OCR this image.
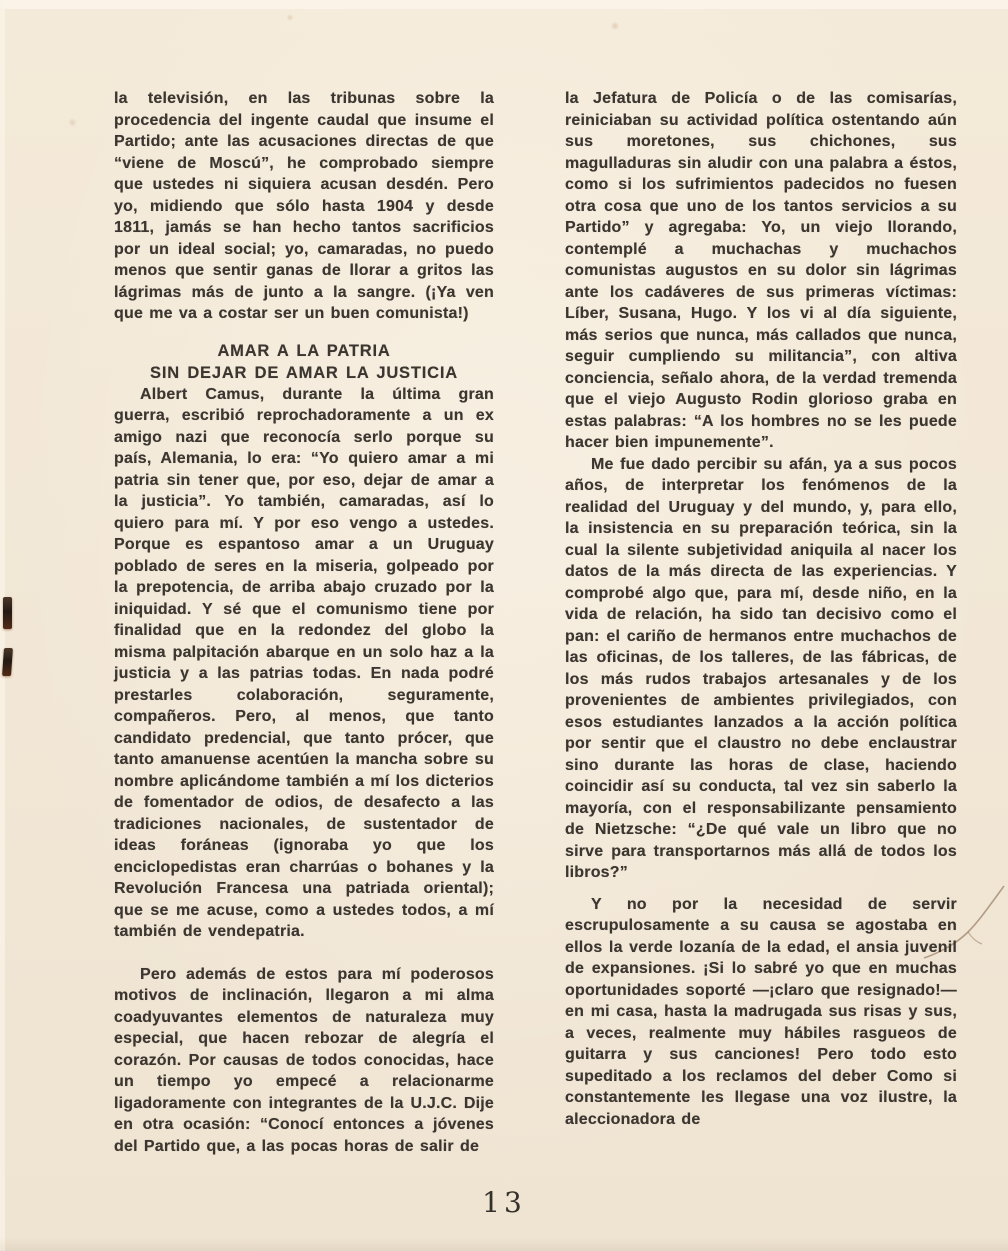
la televisión, en las tribunas sobre la procedencia del ingente caudal que insume el Partido; ante las acusaciones directas de que “viene de Moscú”, he comprobado siempre que ustedes ni siquiera acusan desdén. Pero yo, midiendo que sólo hasta 1904 y desde 1811, jamás se han hecho tantos sacrificios por un ideal social; yo, camaradas, no puedo menos que sentir ganas de llorar a gritos las lágrimas más de junto a la sangre. (¡Ya ven que me va a costar ser un buen comunista!)

AMAR A LA PATRIA
SIN DEJAR DE AMAR LA JUSTICIA

Albert Camus, durante la última gran guerra, escribió reprochadoramente a un ex amigo nazi que reconocía serlo porque su país, Alemania, lo era: “Yo quiero amar a mi patria sin tener que, por eso, dejar de amar a la justicia”. Yo también, camaradas, así lo quiero para mí. Y por eso vengo a ustedes. Porque es espantoso amar a un Uruguay poblado de seres en la miseria, golpeado por la prepotencia, de arriba abajo cruzado por la iniquidad. Y sé que el comunismo tiene por finalidad que en la redondez del globo la misma palpitación abarque en un solo haz a la justicia y a las patrias todas. En nada podré prestarles colaboración, seguramente, compañeros. Pero, al menos, que tanto candidato predencial, que tanto prócer, que tanto amanuense acentúen la mancha sobre su nombre aplicándome también a mí los dicterios de fomentador de odios, de desafecto a las tradiciones nacionales, de sustentador de ideas foráneas (ignoraba yo que los enciclopedistas eran charrúas o bohanes y la Revolución Francesa una patriada oriental); que se me acuse, como a ustedes todos, a mí también de vendepatria.

Pero además de estos para mí poderosos motivos de inclinación, llegaron a mi alma coadyuvantes elementos de naturaleza muy especial, que hacen rebozar de alegría el corazón. Por causas de todos conocidas, hace un tiempo yo empecé a relacionarme ligadoramente con integrantes de la U.J.C. Dije en otra ocasión: “Conocí entonces a jóvenes del Partido que, a las pocas horas de salir de

la Jefatura de Policía o de las comisarías, reiniciaban su actividad política ostentando aún sus moretones, sus chichones, sus magulladuras sin aludir con una palabra a éstos, como si los sufrimientos padecidos no fuesen otra cosa que uno de los tantos servicios a su Partido” y agregaba: Yo, un viejo llorando, contemplé a muchachas y muchachos comunistas augustos en su dolor sin lágrimas ante los cadáveres de sus primeras víctimas: Líber, Susana, Hugo. Y los vi al día siguiente, más serios que nunca, más callados que nunca, seguir cumpliendo su militancia”, con altiva conciencia, señalo ahora, de la verdad tremenda que el viejo Augusto Rodin glorioso graba en estas palabras: “A los hombres no se les puede hacer bien impunemente”.

Me fue dado percibir su afán, ya a sus pocos años, de interpretar los fenómenos de la realidad del Uruguay y del mundo, y, para ello, la insistencia en su preparación teórica, sin la cual la silente subjetividad aniquila al nacer los datos de la más directa de las experiencias. Y comprobé algo que, para mí, desde niño, en la vida de relación, ha sido tan decisivo como el pan: el cariño de hermanos entre muchachos de las oficinas, de los talleres, de las fábricas, de los más rudos trabajos artesanales y de los provenientes de ambientes privilegiados, con esos estudiantes lanzados a la acción política por sentir que el claustro no debe enclaustrar sino durante las horas de clase, haciendo coincidir así su conducta, tal vez sin saberlo la mayoría, con el responsabilizante pensamiento de Nietzsche: “¿De qué vale un libro que no sirve para transportarnos más allá de todos los libros?”

Y no por la necesidad de servir escrupulosamente a su causa se agostaba en ellos la verde lozanía de la edad, el ansia juvenil de expansiones. ¡Si lo sabré yo que en muchas oportunidades soporté —¡claro que resignado!— en mi casa, hasta la madrugada sus risas y sus, a veces, realmente muy hábiles rasgueos de guitarra y sus canciones! Pero todo esto supeditado a los reclamos del deber Como si constantemente les llegase una voz ilustre, la aleccionadora de

13
